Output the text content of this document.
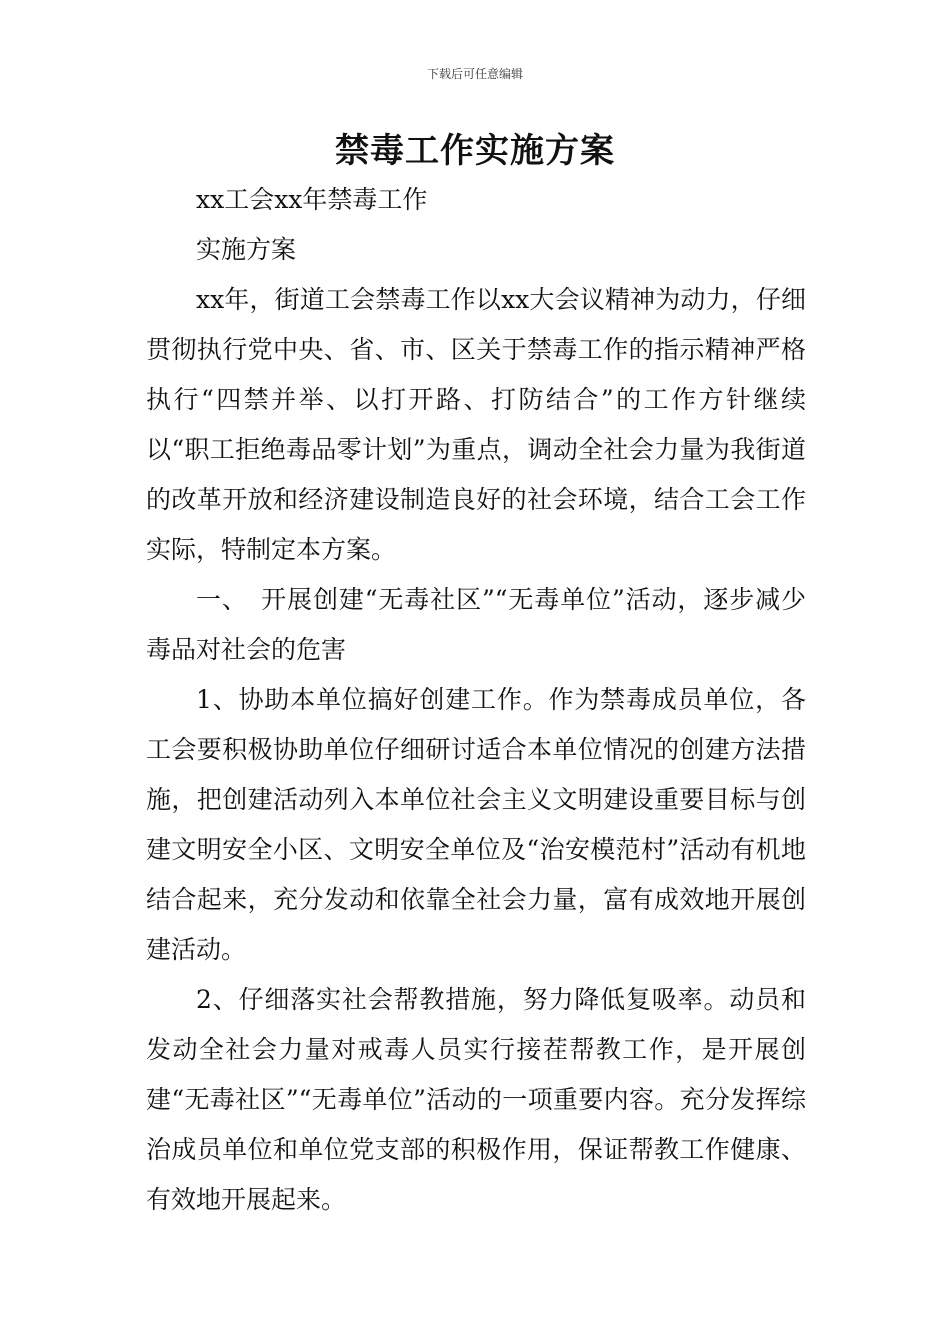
下载后可任意编辑
禁毒工作实施方案

xx工会xx年禁毒工作

实施方案

xx年，街道工会禁毒工作以xx大会议精神为动力，仔细贯彻执行党中央、省、市、区关于禁毒工作的指示精神严格执行“四禁并举、以打开路、打防结合”的工作方针继续以“职工拒绝毒品零计划”为重点，调动全社会力量为我街道的改革开放和经济建设制造良好的社会环境，结合工会工作实际，特制定本方案。

一、　开展创建“无毒社区”“无毒单位”活动，逐步减少毒品对社会的危害

1、协助本单位搞好创建工作。作为禁毒成员单位，各工会要积极协助单位仔细研讨适合本单位情况的创建方法措施，把创建活动列入本单位社会主义文明建设重要目标与创建文明安全小区、文明安全单位及“治安模范村”活动有机地结合起来，充分发动和依靠全社会力量，富有成效地开展创建活动。

2、仔细落实社会帮教措施，努力降低复吸率。动员和发动全社会力量对戒毒人员实行接茬帮教工作，是开展创建“无毒社区”“无毒单位”活动的一项重要内容。充分发挥综治成员单位和单位党支部的积极作用，保证帮教工作健康、有效地开展起来。
